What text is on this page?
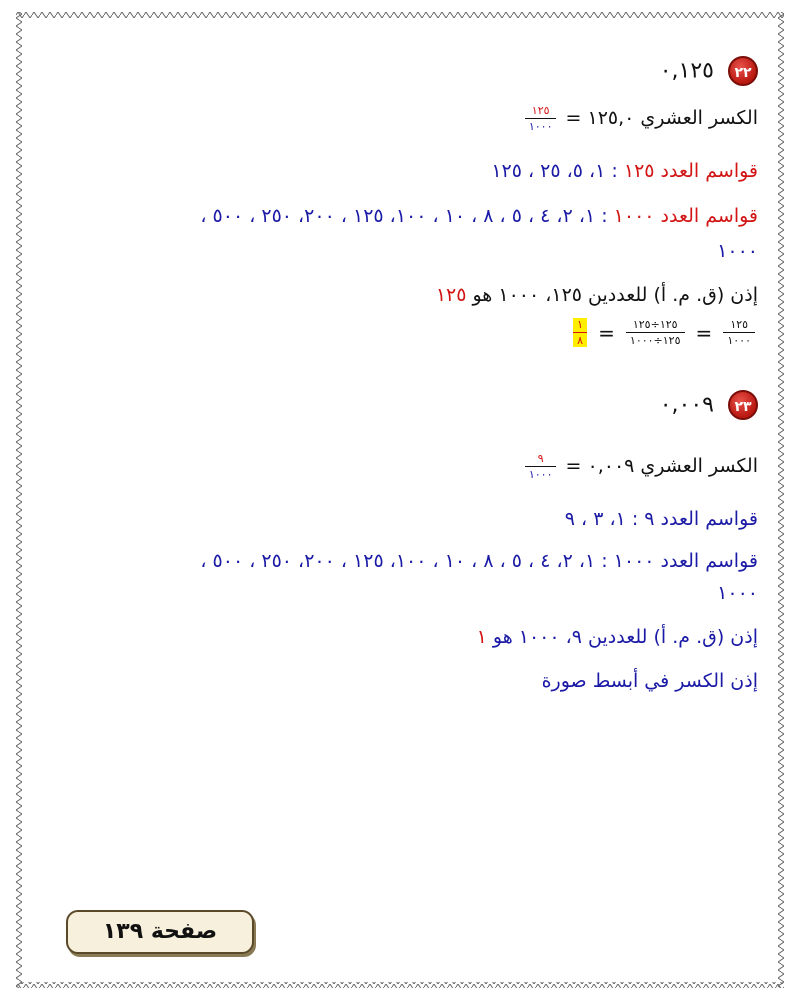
٢٢٠,١٢٥
الكسر العشري ١٢٥,٠ =
$\frac{١٢٥}{١٠٠٠}$
قواسم العدد ١٢٥ : ١، ٥، ٢٥ ، ١٢٥
قواسم العدد ١٠٠٠ : ١، ٢، ٤ ، ٥ ، ٨ ، ١٠ ، ١٠٠، ١٢٥ ، ٢٠٠، ٢٥٠ ، ٥٠٠ ،
١٠٠٠
إذن (ق. م. أ) للعددين ١٢٥، ١٠٠٠ هو ١٢٥
$\frac{١٢٥}{١٠٠٠}$
=
$\frac{١٢٥\div ١٢٥}{١٢٥\div ١٠٠٠}$
=
$\frac{١}{٨}$
٢٣٠,٠٠٩
الكسر العشري ٠,٠٠٩ =
$\frac{٩}{١٠٠٠}$
قواسم العدد ٩ : ١، ٣ ، ٩
قواسم العدد ١٠٠٠ : ١، ٢، ٤ ، ٥ ، ٨ ، ١٠ ، ١٠٠، ١٢٥ ، ٢٠٠، ٢٥٠ ، ٥٠٠ ،
١٠٠٠
إذن (ق. م. أ) للعددين ٩، ١٠٠٠ هو ١
إذن الكسر في أبسط صورة
صفحة ١٣٩
